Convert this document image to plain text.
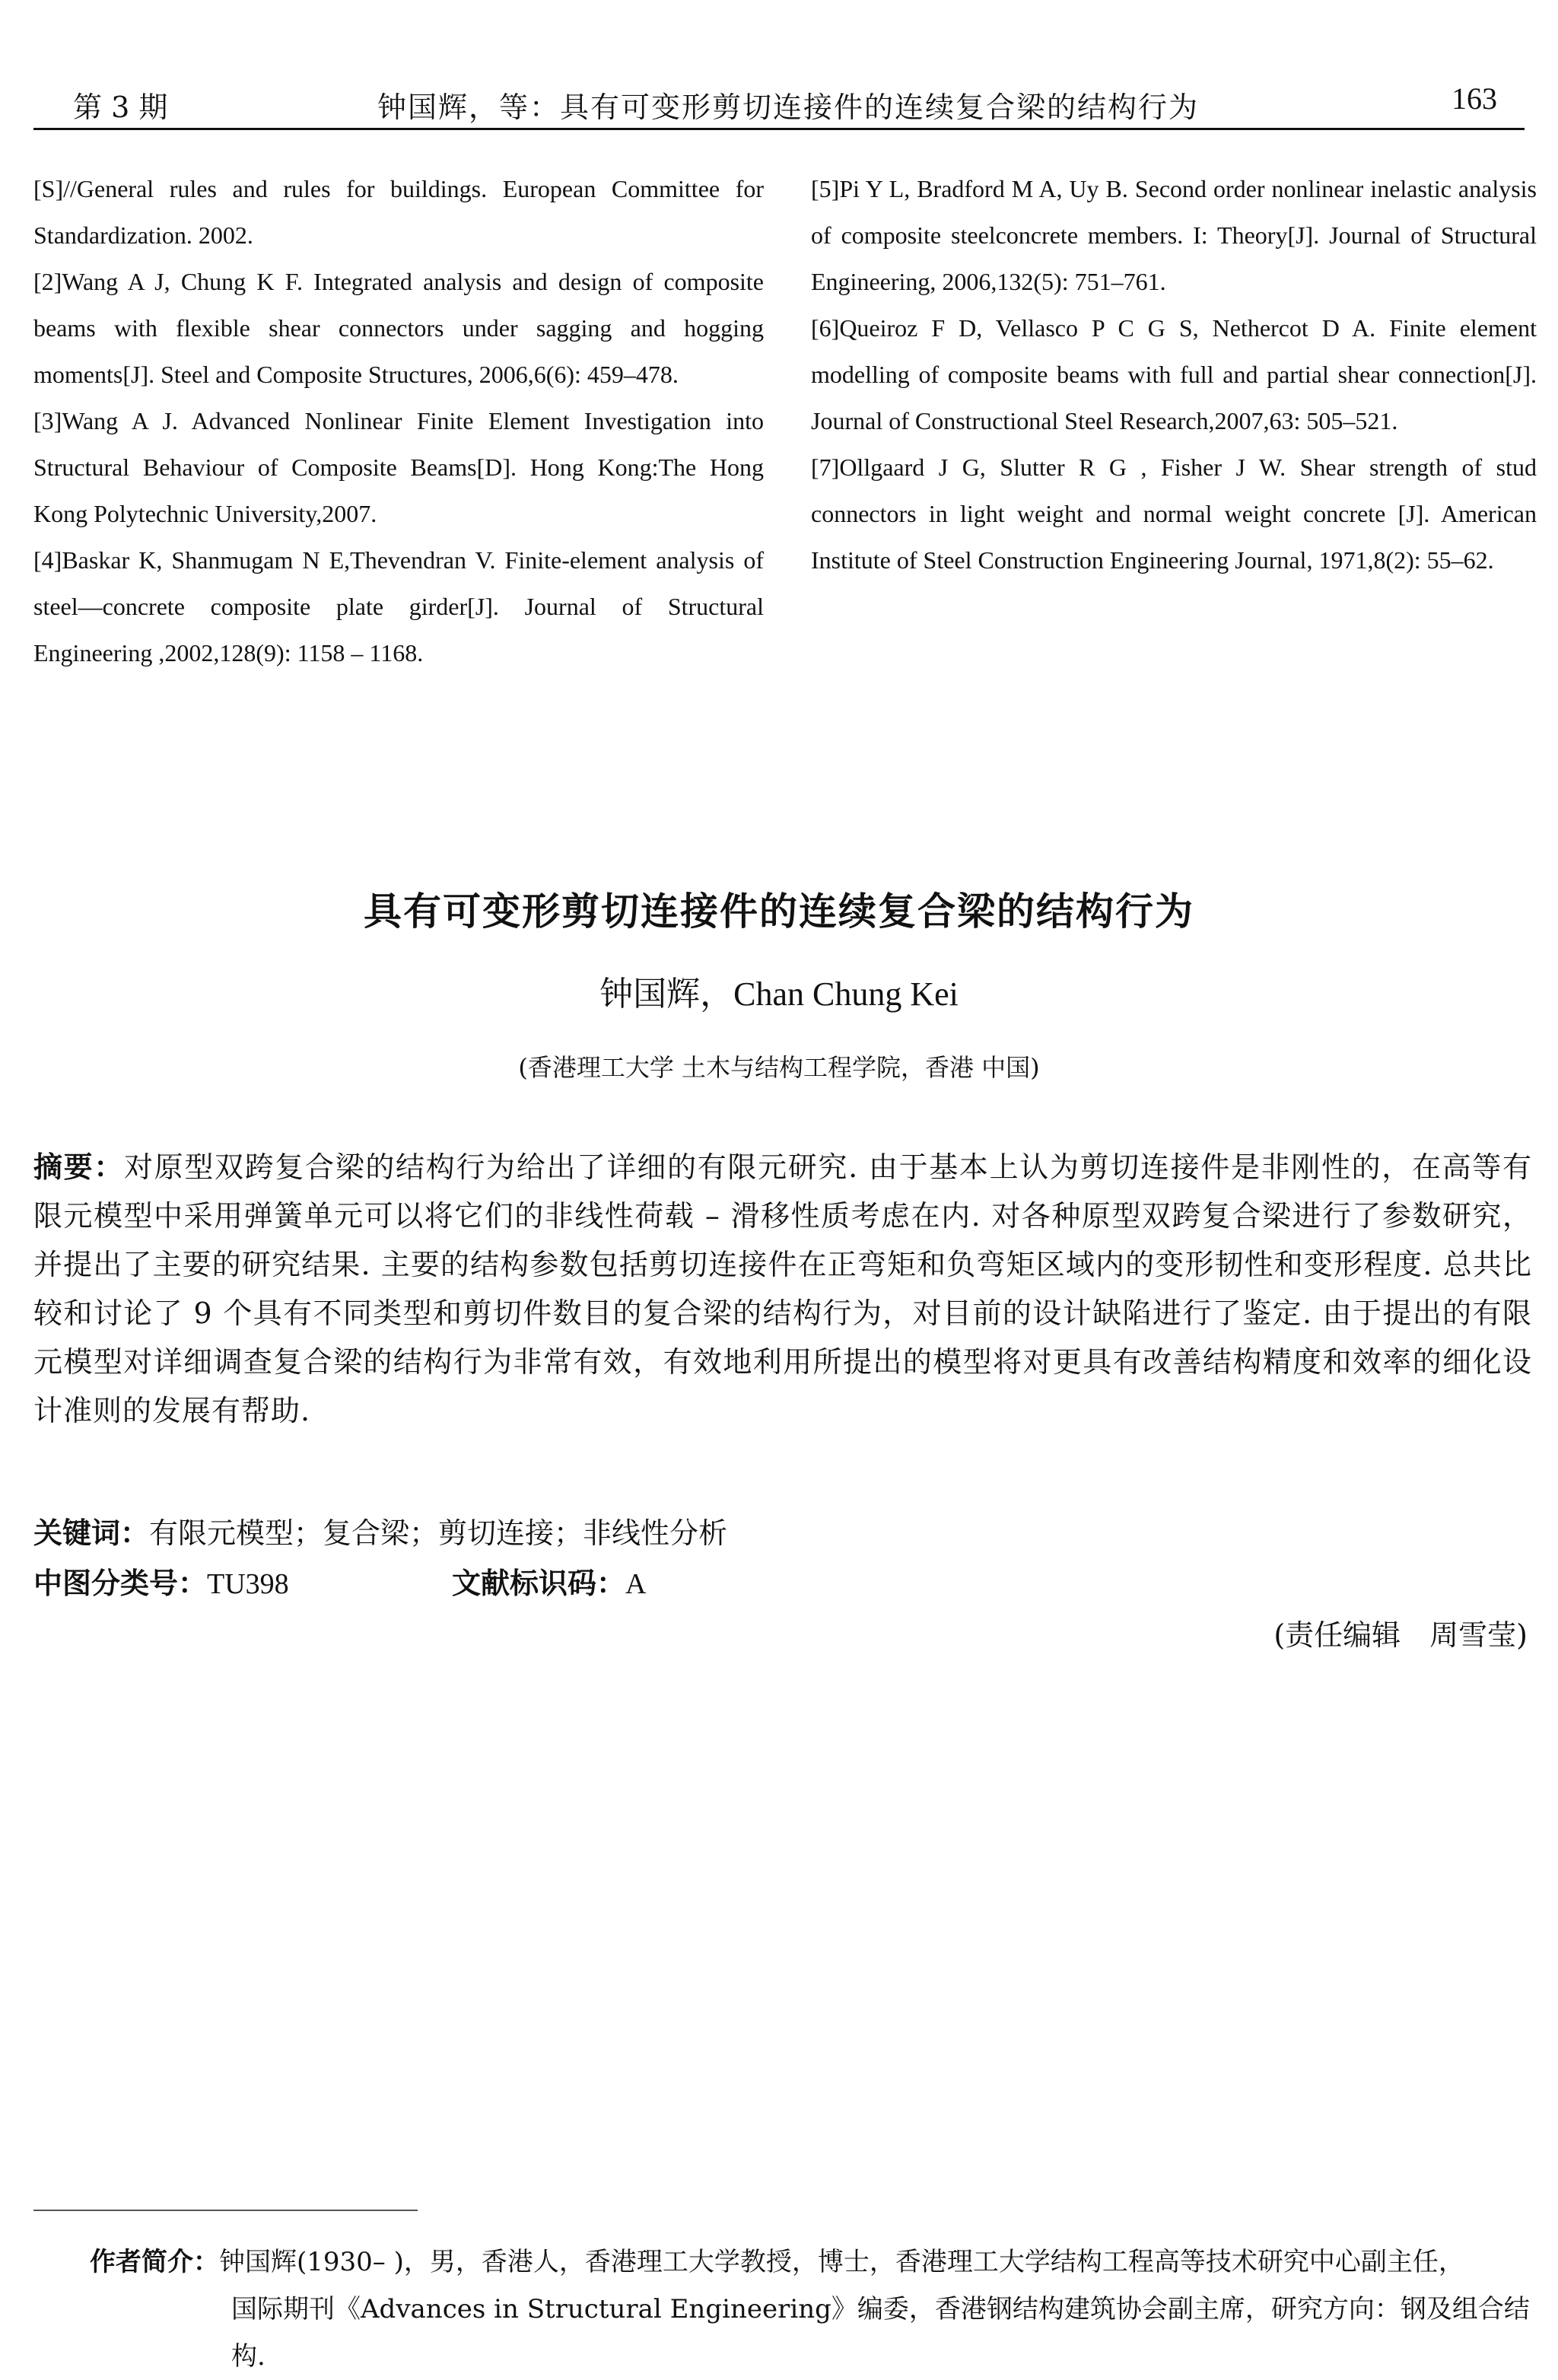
第 3 期	钟国辉，等：具有可变形剪切连接件的连续复合梁的结构行为	163

[S]//General rules and rules for buildings. European Committee for Standardization. 2002.

[2]Wang A J, Chung K F. Integrated analysis and design of composite beams with flexible shear connectors under sagging and hogging moments[J]. Steel and Composite Structures, 2006,6(6): 459–478.

[3]Wang A J. Advanced Nonlinear Finite Element Investigation into Structural Behaviour of Composite Beams[D]. Hong Kong:The Hong Kong Polytechnic University,2007.

[4]Baskar K, Shanmugam N E,Thevendran V. Finite-element analysis of steel—concrete composite plate girder[J]. Journal of Structural Engineering ,2002,128(9): 1158 – 1168.

[5]Pi Y L, Bradford M A, Uy B. Second order nonlinear inelastic analysis of composite steelconcrete members. I: Theory[J]. Journal of Structural Engineering, 2006,132(5): 751–761.

[6]Queiroz F D, Vellasco P C G S, Nethercot D A. Finite element modelling of composite beams with full and partial shear connection[J]. Journal of Constructional Steel Research,2007,63: 505–521.

[7]Ollgaard J G, Slutter R G , Fisher J W. Shear strength of stud connectors in light weight and normal weight concrete [J]. American Institute of Steel Construction Engineering Journal, 1971,8(2): 55–62.

具有可变形剪切连接件的连续复合梁的结构行为
钟国辉，Chan Chung Kei
(香港理工大学 土木与结构工程学院，香港 中国)
摘要：对原型双跨复合梁的结构行为给出了详细的有限元研究. 由于基本上认为剪切连接件是非刚性的，在高等有限元模型中采用弹簧单元可以将它们的非线性荷载 – 滑移性质考虑在内. 对各种原型双跨复合梁进行了参数研究，并提出了主要的研究结果. 主要的结构参数包括剪切连接件在正弯矩和负弯矩区域内的变形韧性和变形程度. 总共比较和讨论了 9 个具有不同类型和剪切件数目的复合梁的结构行为，对目前的设计缺陷进行了鉴定. 由于提出的有限元模型对详细调查复合梁的结构行为非常有效，有效地利用所提出的模型将对更具有改善结构精度和效率的细化设计准则的发展有帮助.
关键词：有限元模型；复合梁；剪切连接；非线性分析
中图分类号：TU398	文献标识码：A
(责任编辑　周雪莹)
作者简介：钟国辉(1930– )，男，香港人，香港理工大学教授，博士，香港理工大学结构工程高等技术研究中心副主任，
国际期刊《Advances in Structural Engineering》编委，香港钢结构建筑协会副主席，研究方向：钢及组合结构.
